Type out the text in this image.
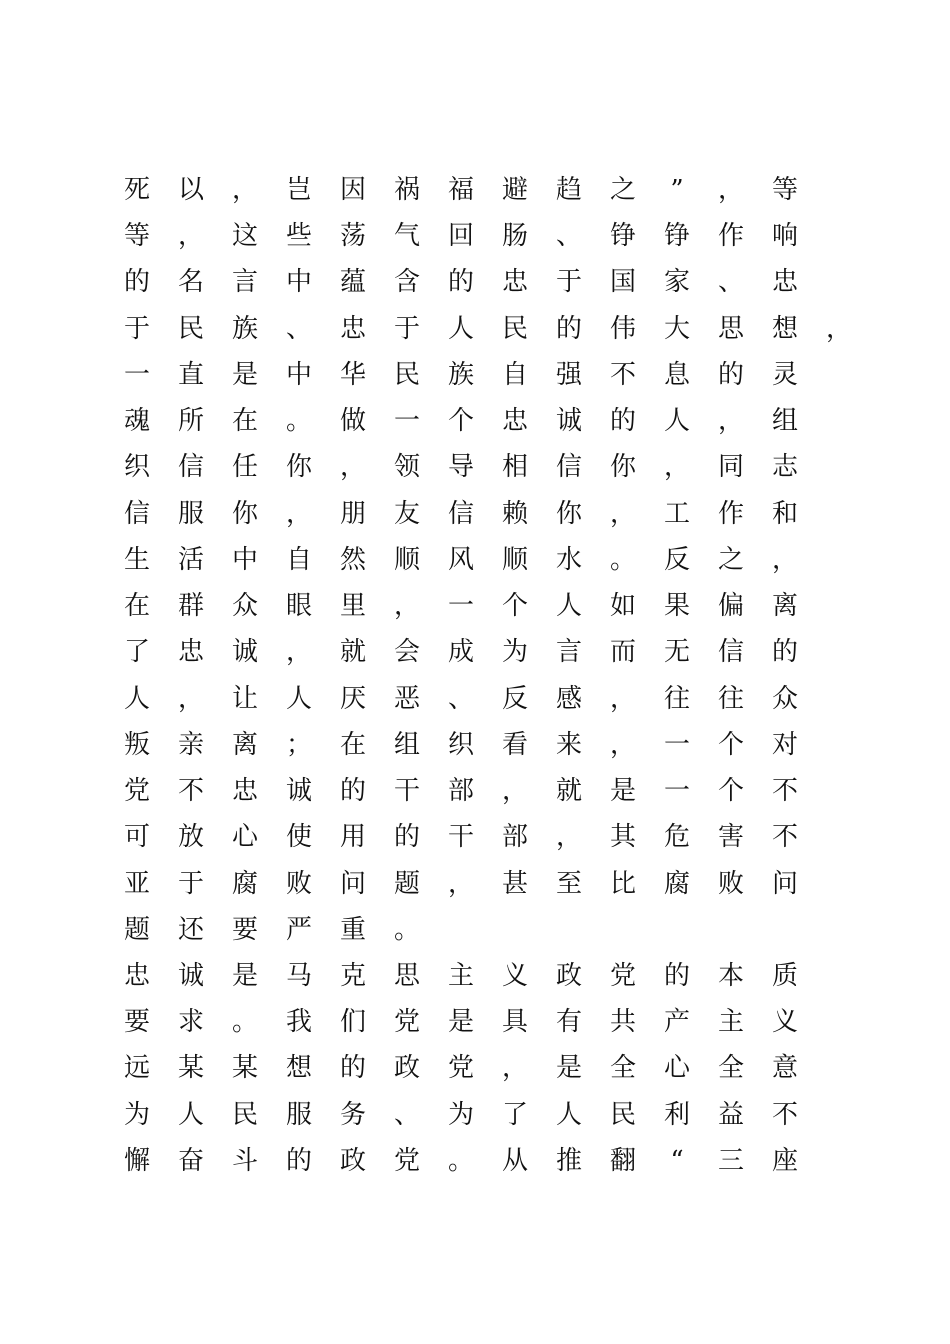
死 以 ， 岂 因 祸 福 避 趋 之 ” ， 等
等 ， 这 些 荡 气 回 肠 、 铮 铮 作 响
的 名 言 中 蕴 含 的 忠 于 国 家 、 忠
于 民 族 、 忠 于 人 民 的 伟 大 思 想 ，
一 直 是 中 华 民 族 自 强 不 息 的 灵
魂 所 在 。 做 一 个 忠 诚 的 人 ， 组
织 信 任 你 ， 领 导 相 信 你 ， 同 志
信 服 你 ， 朋 友 信 赖 你 ， 工 作 和
生 活 中 自 然 顺 风 顺 水 。 反 之 ，
在 群 众 眼 里 ， 一 个 人 如 果 偏 离
了 忠 诚 ， 就 会 成 为 言 而 无 信 的
人 ， 让 人 厌 恶 、 反 感 ， 往 往 众
叛 亲 离 ； 在 组 织 看 来 ， 一 个 对
党 不 忠 诚 的 干 部 ， 就 是 一 个 不
可 放 心 使 用 的 干 部 ， 其 危 害 不
亚 于 腐 败 问 题 ， 甚 至 比 腐 败 问
题 还 要 严 重 。
忠 诚 是 马 克 思 主 义 政 党 的 本 质
要 求 。 我 们 党 是 具 有 共 产 主 义
远 某 某 想 的 政 党 ， 是 全 心 全 意
为 人 民 服 务 、 为 了 人 民 利 益 不
懈 奋 斗 的 政 党 。 从 推 翻 “ 三 座
